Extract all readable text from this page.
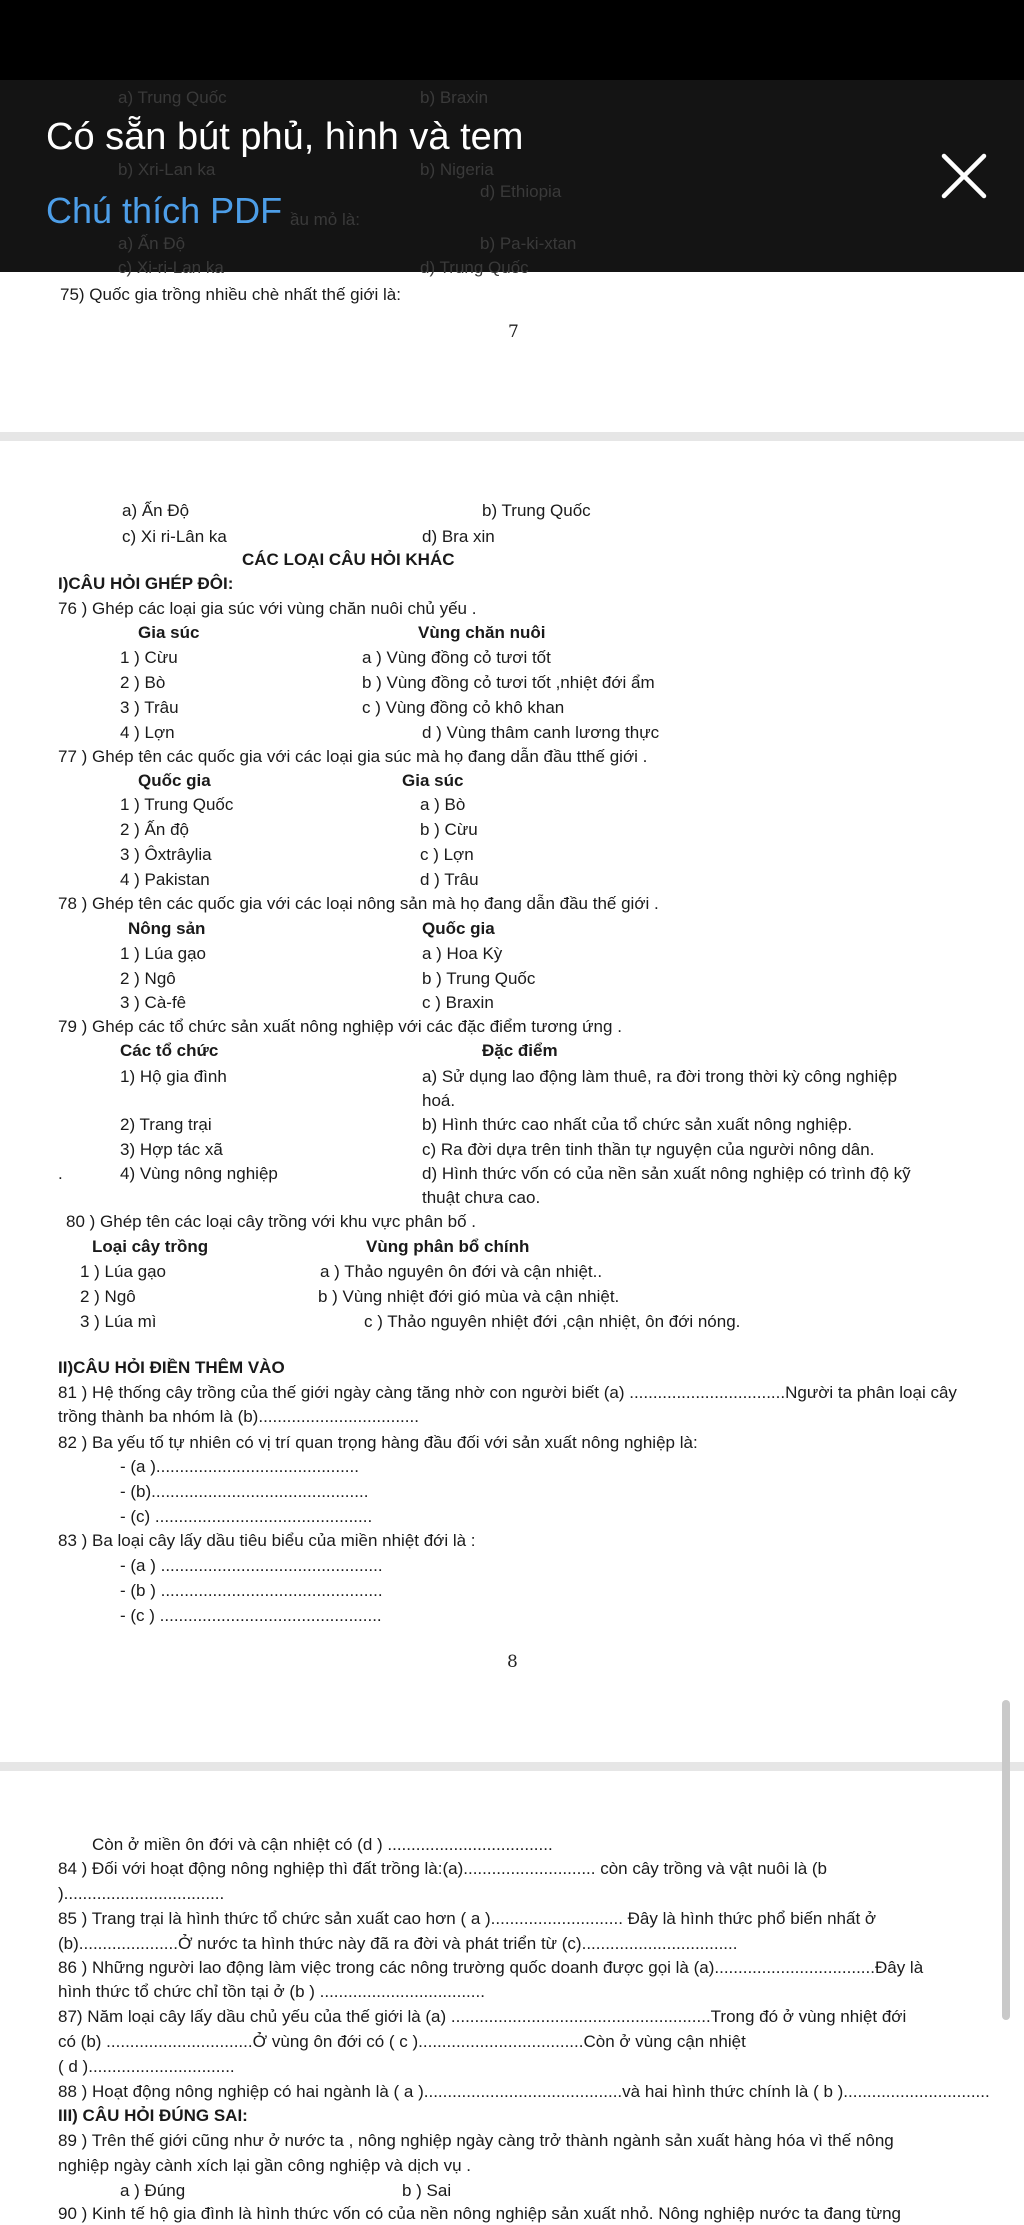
a) Trung Quốc	b) Braxin
b) Xri-Lan ka	b) Nigeria
d) Ethiopia
ầu mỏ là:
a) Ấn Độ	b) Pa-ki-xtan
c) Xi-ri-Lan ka	d) Trung Quốc
Có sẵn bút phủ, hình và tem
Chú thích PDF
75) Quốc gia trồng nhiều chè nhất thế giới là:
7
a) Ấn Độ	b) Trung Quốc
c) Xi ri-Lân ka	d) Bra xin
CÁC LOẠI CÂU HỎI KHÁC
I)CÂU HỎI GHÉP ĐÔI:
76 ) Ghép các loại gia súc với vùng chăn nuôi chủ yếu .
Gia súc	Vùng chăn nuôi
1 ) Cừu	a ) Vùng đồng cỏ tươi tốt
2 ) Bò	b ) Vùng đồng cỏ tươi tốt ,nhiệt đới ẩm
3 ) Trâu	c ) Vùng đồng cỏ khô khan
4 ) Lợn	d ) Vùng thâm canh lương thực
77 ) Ghép tên các quốc gia với các loại gia súc mà họ đang dẫn đầu tthế giới .
Quốc gia	Gia súc
1 ) Trung Quốc	a ) Bò
2 ) Ấn độ	b ) Cừu
3 ) Ôxtrâylia	c ) Lợn
4 ) Pakistan	d ) Trâu
78 ) Ghép tên các quốc gia với các loại nông sản mà họ đang dẫn đầu thế giới .
Nông sản	Quốc gia
1 ) Lúa gạo	a ) Hoa Kỳ
2 ) Ngô	b ) Trung Quốc
3 ) Cà-fê	c ) Braxin
79 ) Ghép các tổ chức sản xuất nông nghiệp với các đặc điểm tương ứng .
Các tổ chức	Đặc điểm
1) Hộ gia đình	a) Sử dụng lao động làm thuê, ra đời trong thời kỳ công nghiệp
hoá.
2) Trang trại	b) Hình thức cao nhất của tổ chức sản xuất nông nghiệp.
3) Hợp tác xã	c) Ra đời dựa trên tinh thần tự nguyện của người nông dân.
.	4) Vùng nông nghiệp	d) Hình thức vốn có của nền sản xuất nông nghiệp có trình độ kỹ
thuật chưa cao.
80 ) Ghép tên các loại cây trồng với khu vực phân bố .
Loại cây trồng	Vùng phân bổ chính
1 ) Lúa gạo	a ) Thảo nguyên ôn đới và cận nhiệt..
2 ) Ngô	b ) Vùng nhiệt đới gió mùa và cận nhiệt.
3 ) Lúa mì	c ) Thảo nguyên nhiệt đới ,cận nhiệt, ôn đới nóng.
II)CÂU HỎI ĐIỀN THÊM VÀO
81 ) Hệ thống cây trồng của thế giới ngày càng tăng nhờ con người biết (a) .................................Người ta phân loại cây
trồng thành ba nhóm là (b)..................................
82 ) Ba yếu tố tự nhiên có vị trí quan trọng hàng đầu đối với sản xuất nông nghiệp là:
- (a )...........................................
- (b)..............................................
- (c) ..............................................
83 ) Ba loại cây lấy dầu tiêu biểu của miền nhiệt đới là :
- (a ) ...............................................
- (b ) ...............................................
- (c ) ...............................................
8
Còn ở miền ôn đới và cận nhiệt có (d ) ...................................
84 ) Đối với hoạt động nông nghiệp thì đất trồng là:(a)............................ còn cây trồng và vật nuôi là (b
)..................................
85 ) Trang trại là hình thức tổ chức sản xuất cao hơn ( a )............................ Đây là hình thức phổ biến nhất ở
(b).....................Ở nước ta hình thức này đã ra đời và phát triển từ (c).................................
86 ) Những người lao động làm việc trong các nông trường quốc doanh được gọi là (a)..................................Đây là
hình thức tổ chức chỉ tồn tại ở (b ) ...................................
87) Năm loại cây lấy dầu chủ yếu của thế giới là (a) .......................................................Trong đó ở vùng nhiệt đới
có (b) ...............................Ở vùng ôn đới có ( c )...................................Còn ở vùng cận nhiệt
( d )...............................
88 ) Hoạt động nông nghiệp có hai ngành là ( a )..........................................và hai hình thức chính là ( b )...............................
III) CÂU HỎI ĐÚNG SAI:
89 ) Trên thế giới cũng như ở nước ta , nông nghiệp ngày càng trở thành ngành sản xuất hàng hóa vì thế nông
nghiệp ngày cành xích lại gần công nghiệp và dịch vụ .
a ) Đúng	b ) Sai
90 ) Kinh tế hộ gia đình là hình thức vốn có của nền nông nghiệp sản xuất nhỏ. Nông nghiệp nước ta đang từng
